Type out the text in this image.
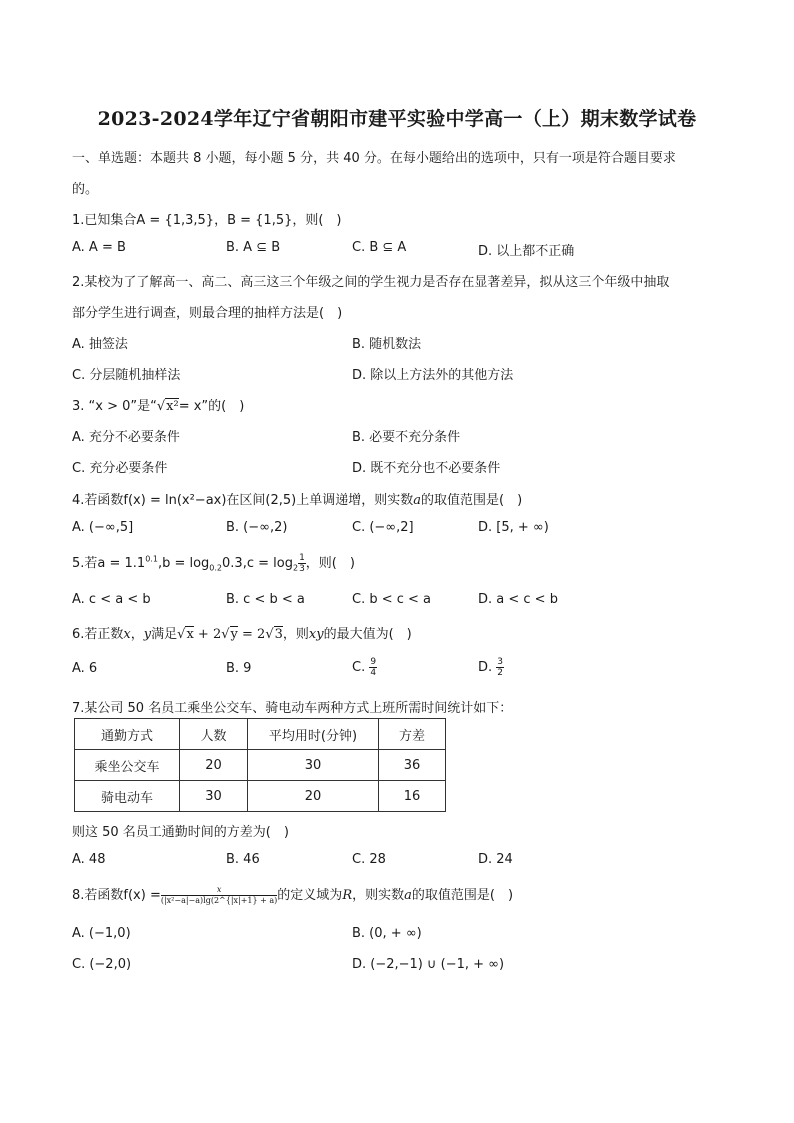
2023-2024学年辽宁省朝阳市建平实验中学高一（上）期末数学试卷
一、单选题：本题共 8 小题，每小题 5 分，共 40 分。在每小题给出的选项中，只有一项是符合题目要求
的。
1.已知集合A = {1,3,5}，B = {1,5}，则(　)
A. A = B	B. A ⊆ B	C. B ⊆ A	D. 以上都不正确
2.某校为了了解高一、高二、高三这三个年级之间的学生视力是否存在显著差异，拟从这三个年级中抽取
部分学生进行调查，则最合理的抽样方法是(　)
A. 抽签法	B. 随机数法
C. 分层随机抽样法	D. 除以上方法外的其他方法
3. “x > 0”是“√x²= x”的(　)
A. 充分不必要条件	B. 必要不充分条件
C. 充分必要条件	D. 既不充分也不必要条件
4.若函数f(x) = ln(x²−ax)在区间(2,5)上单调递增，则实数a的取值范围是(　)
A. (−∞,5]	B. (−∞,2)	C. (−∞,2]	D. [5, + ∞)
5.若$a = 1.1^{0.1},b = \log_{0.2}0.3,c = \log_2 \frac{1}{3}$ ，则(　)
A. c < a < b	B. c < b < a	C. b < c < a	D. a < c < b
6.若正数x，y满足√x + 2√y = 2√3，则xy的最大值为(　)
A. 6	B. 9	C. $\frac{9}{4}$	D. $\frac{3}{2}$
7.某公司 50 名员工乘坐公交车、骑电动车两种方式上班所需时间统计如下：
通勤方式	人数	平均用时(分钟)	方差
乘坐公交车	20	30	36
骑电动车	30	20	16
则这 50 名员工通勤时间的方差为(　)
A. 48	B. 46	C. 28	D. 24
8.若函数$f(x) = \frac{x}{\text{(|x²−a|−a)lg(2\textasciicircum{}\{|x|+1\} + a)}}$ 的定义域为R，则实数a的取值范围是(　)
A. (−1,0)	B. (0, + ∞)
C. (−2,0)	D. (−2,−1) ∪ (−1, + ∞)
